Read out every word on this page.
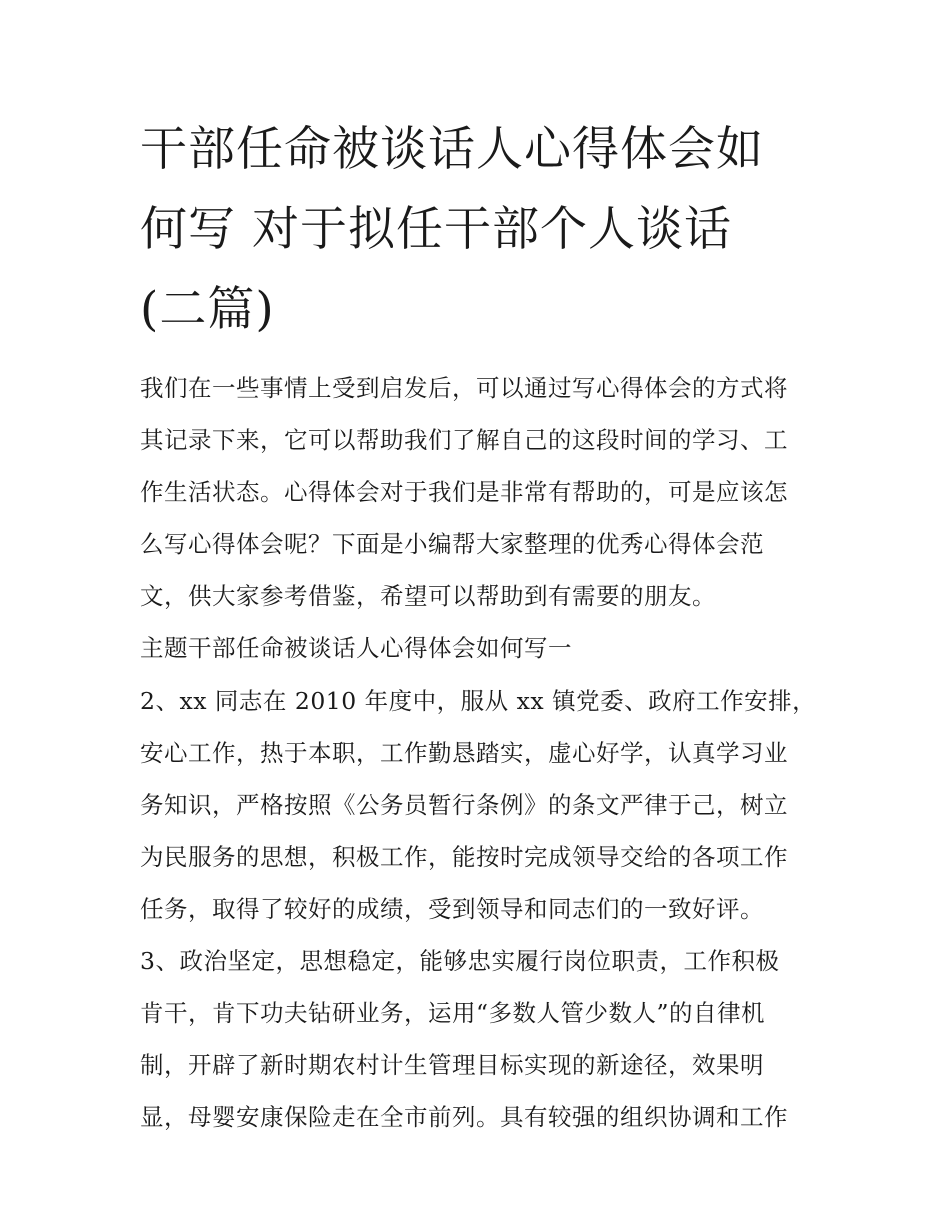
干部任命被谈话人心得体会如
何写 对于拟任干部个人谈话
(二篇)
我们在一些事情上受到启发后，可以通过写心得体会的方式将
其记录下来，它可以帮助我们了解自己的这段时间的学习、工
作生活状态。心得体会对于我们是非常有帮助的，可是应该怎
么写心得体会呢？下面是小编帮大家整理的优秀心得体会范
文，供大家参考借鉴，希望可以帮助到有需要的朋友。
主题干部任命被谈话人心得体会如何写一
2、xx 同志在 2010 年度中，服从 xx 镇党委、政府工作安排，
安心工作，热于本职，工作勤恳踏实，虚心好学，认真学习业
务知识，严格按照《公务员暂行条例》的条文严律于己，树立
为民服务的思想，积极工作，能按时完成领导交给的各项工作
任务，取得了较好的成绩，受到领导和同志们的一致好评。
3、政治坚定，思想稳定，能够忠实履行岗位职责，工作积极
肯干，肯下功夫钻研业务，运用“多数人管少数人”的自律机
制，开辟了新时期农村计生管理目标实现的新途径，效果明
显，母婴安康保险走在全市前列。具有较强的组织协调和工作
